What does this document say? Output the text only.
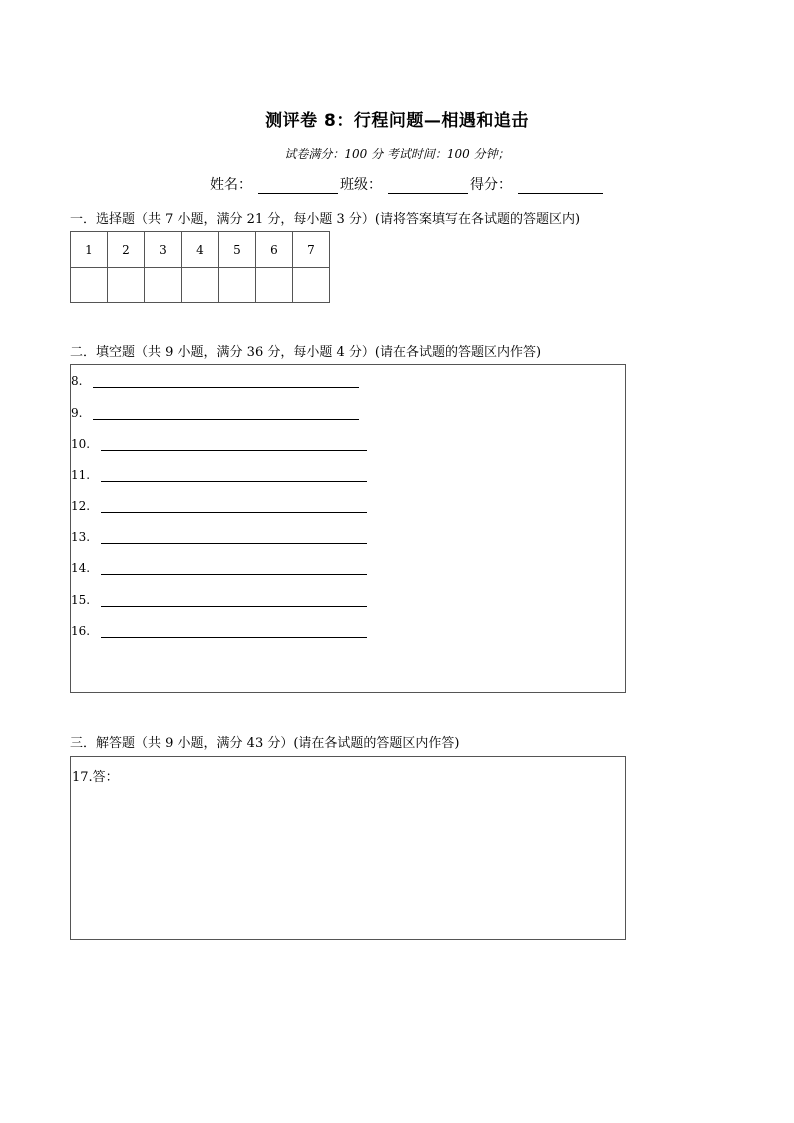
测评卷 8：行程问题—相遇和追击
试卷满分：100 分 考试时间：100 分钟；
姓名：	班级：	得分：
一．选择题（共 7 小题，满分 21 分，每小题 3 分）(请将答案填写在各试题的答题区内)
1	2	3	4	5	6	7

二．填空题（共 9 小题，满分 36 分，每小题 4 分）(请在各试题的答题区内作答)
8.
9.
10.
11.
12.
13.
14.
15.
16.
三．解答题（共 9 小题，满分 43 分）(请在各试题的答题区内作答)
17.答：
